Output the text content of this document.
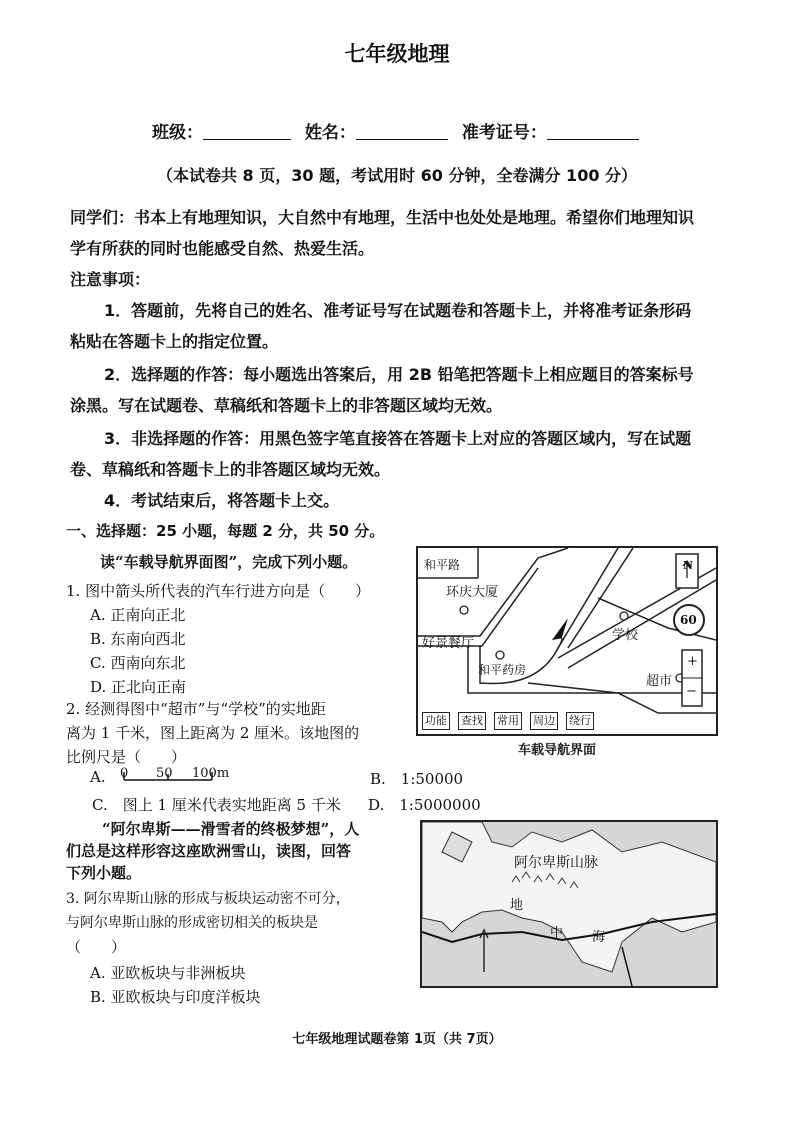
七年级地理
班级：	姓名：	准考证号：
（本试卷共 8 页，30 题，考试用时 60 分钟，全卷满分 100 分）
同学们：书本上有地理知识，大自然中有地理，生活中也处处是地理。希望你们地理知识
学有所获的同时也能感受自然、热爱生活。
注意事项：
1．答题前，先将自己的姓名、准考证号写在试题卷和答题卡上，并将准考证条形码
粘贴在答题卡上的指定位置。
2．选择题的作答：每小题选出答案后，用 2B 铅笔把答题卡上相应题目的答案标号
涂黑。写在试题卷、草稿纸和答题卡上的非答题区域均无效。
3．非选择题的作答：用黑色签字笔直接答在答题卡上对应的答题区域内，写在试题
卷、草稿纸和答题卡上的非答题区域均无效。
4．考试结束后，将答题卡上交。
一、选择题：25 小题，每题 2 分，共 50 分。
读“车载导航界面图”，完成下列小题。
1. 图中箭头所代表的汽车行进方向是（　　）
A. 正南向正北
B. 东南向西北
C. 西南向东北
D. 正北向正南
2. 经测得图中“超市”与“学校”的实地距
离为 1 千米，图上距离为 2 厘米。该地图的
比例尺是（　　）
A. 0 50 100m	B.　1:50000
C.　图上 1 厘米代表实地距离 5 千米 D.　1:5000000
“阿尔卑斯——滑雪者的终极梦想”，人
们总是这样形容这座欧洲雪山，读图，回答
下列小题。
3. 阿尔卑斯山脉的形成与板块运动密不可分，
与阿尔卑斯山脉的形成密切相关的板块是
（　　）
A. 亚欧板块与非洲板块
B. 亚欧板块与印度洋板块
和平路
环庆大厦
好景餐厅
学校
和平药房
超市
N
60
+
−
功能 查找 常用 周边 绕行
车载导航界面
阿尔卑斯山脉
地
中 海
七年级地理试题卷第 1页（共 7页）
